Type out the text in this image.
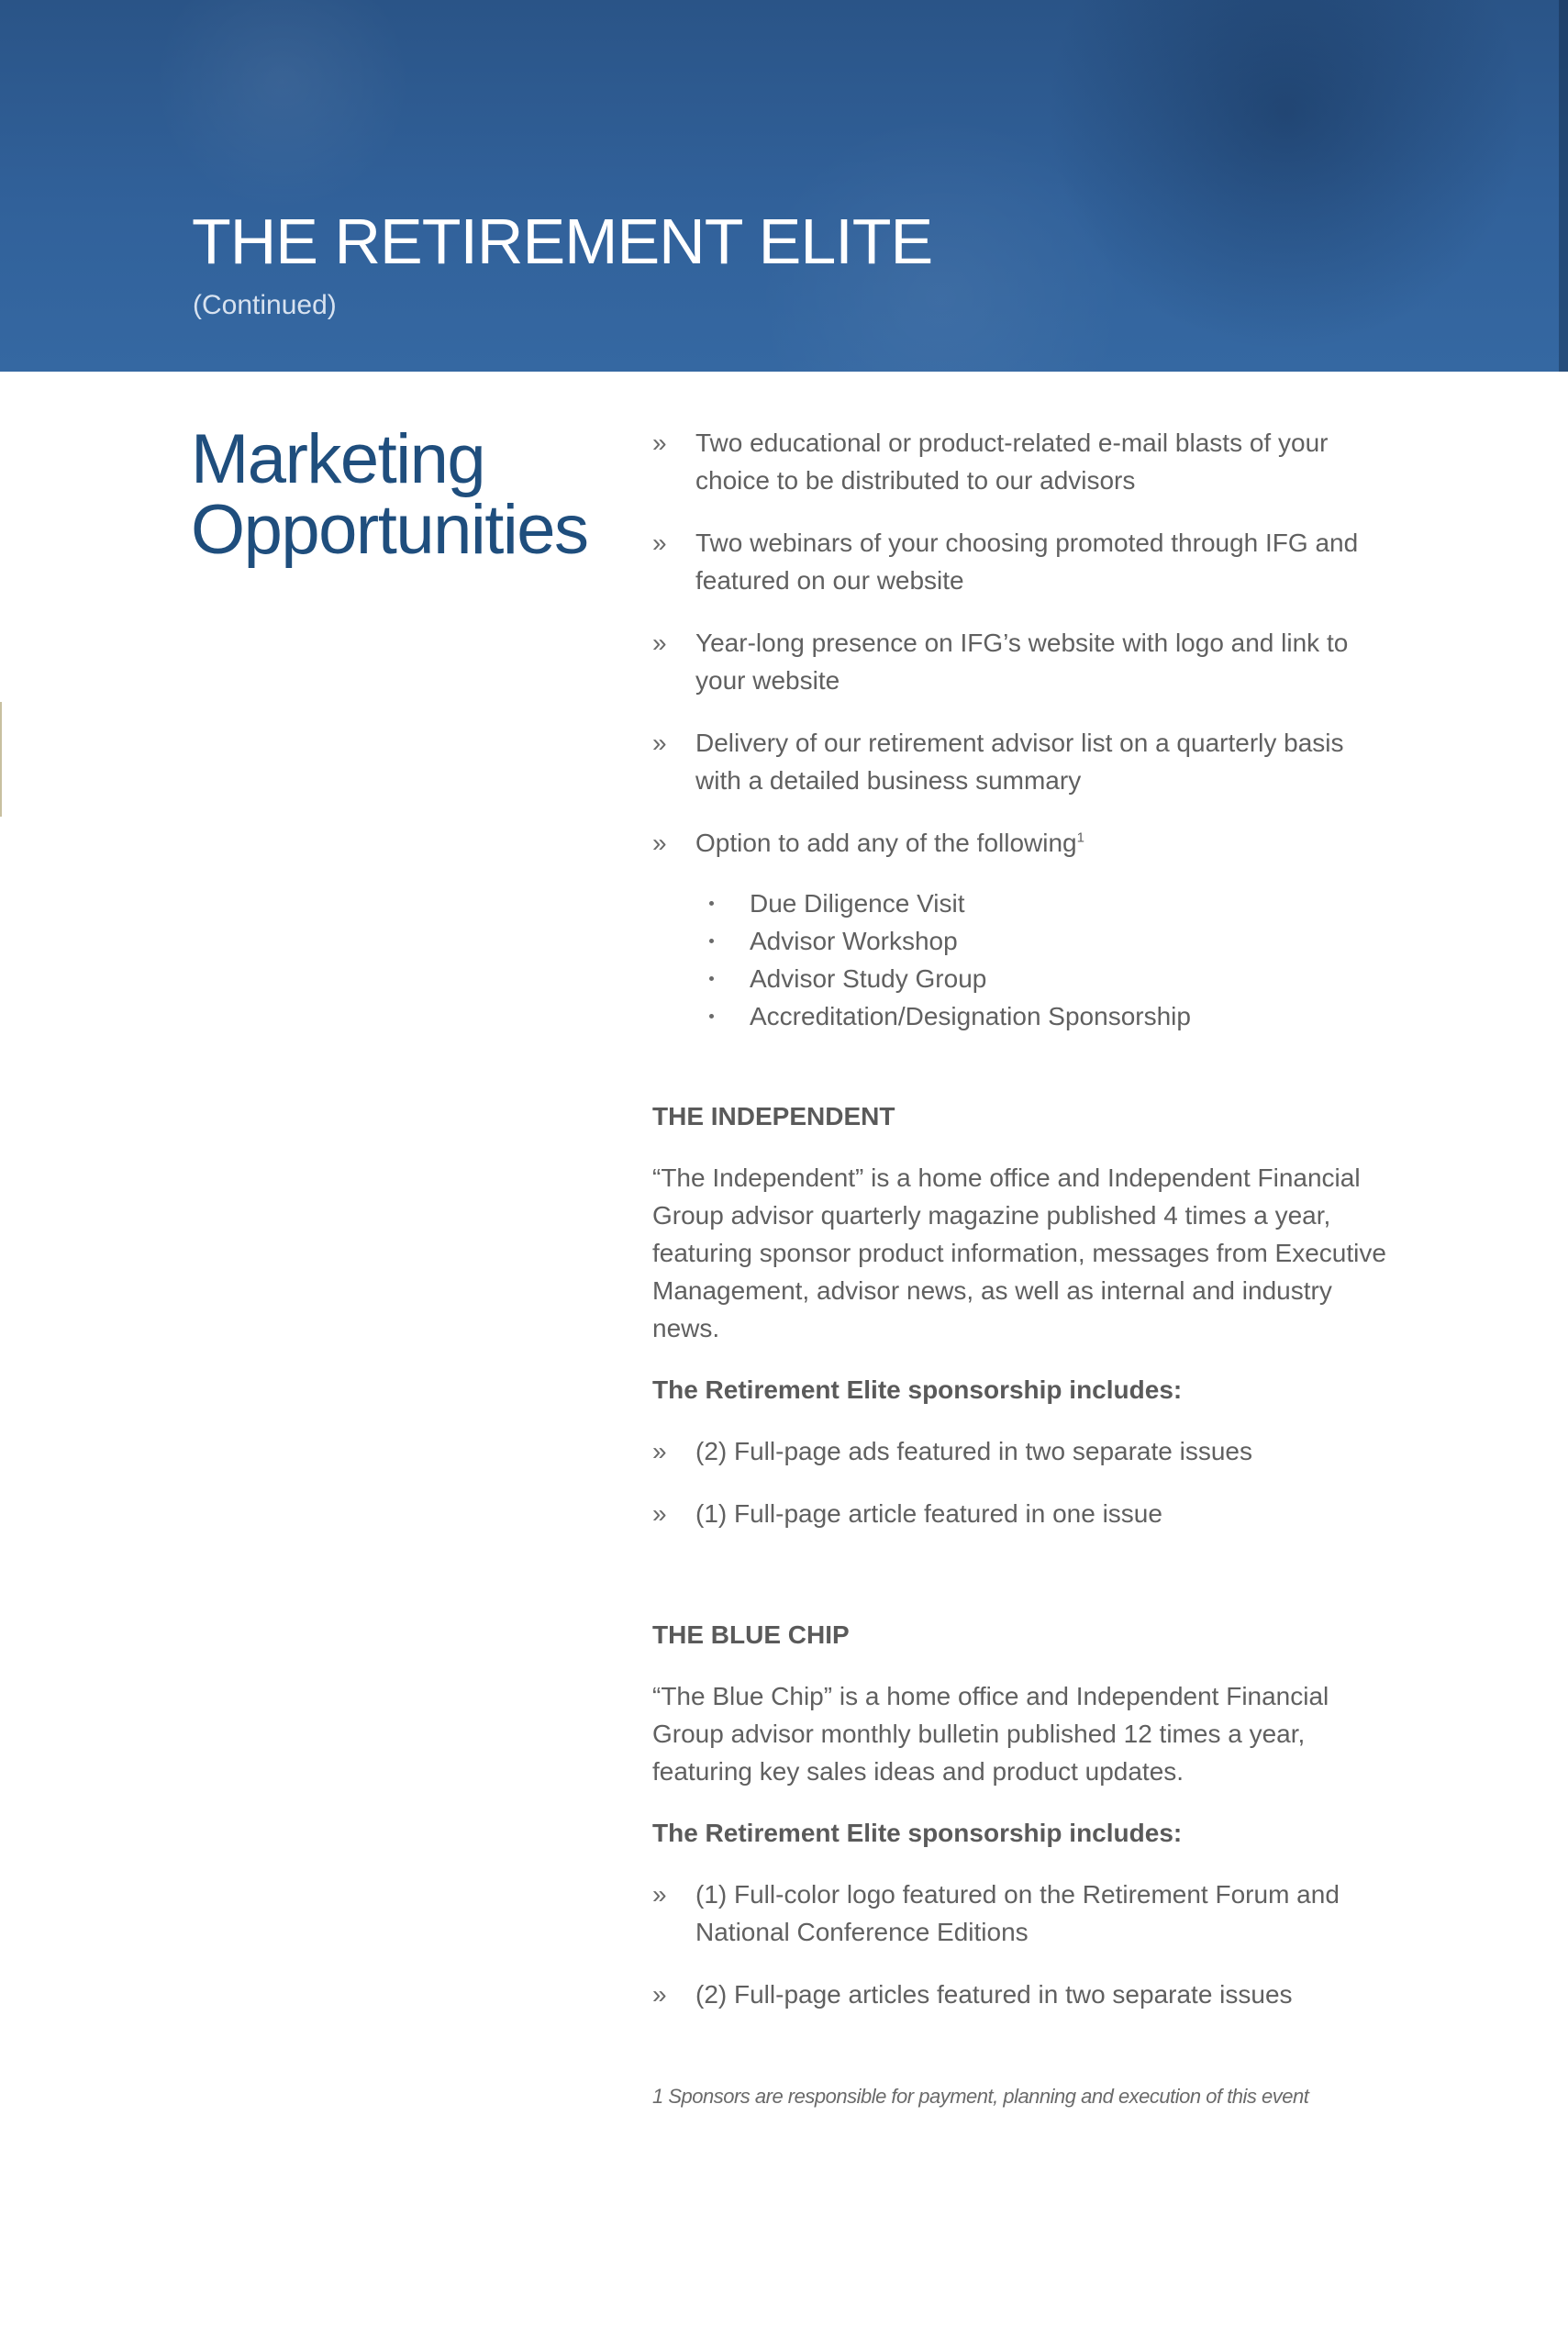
THE RETIREMENT ELITE
(Continued)
Marketing
Opportunities
» Two educational or product-related e-mail blasts of your choice to be distributed to our advisors
» Two webinars of your choosing promoted through IFG and featured on our website
» Year-long presence on IFG’s website with logo and link to your website
» Delivery of our retirement advisor list on a quarterly basis with a detailed business summary
» Option to add any of the following$^1$
Due Diligence Visit
Advisor Workshop
Advisor Study Group
Accreditation/Designation Sponsorship
THE INDEPENDENT

“The Independent” is a home office and Independent Financial Group advisor quarterly magazine published 4 times a year, featuring sponsor product information, messages from Executive Management, advisor news, as well as internal and industry news.

The Retirement Elite sponsorship includes:

» (2) Full-page ads featured in two separate issues
» (1) Full-page article featured in one issue
THE BLUE CHIP

“The Blue Chip” is a home office and Independent Financial Group advisor monthly bulletin published 12 times a year, featuring key sales ideas and product updates.

The Retirement Elite sponsorship includes:

» (1) Full-color logo featured on the Retirement Forum and National Conference Editions
» (2) Full-page articles featured in two separate issues

1 Sponsors are responsible for payment, planning and execution of this event
